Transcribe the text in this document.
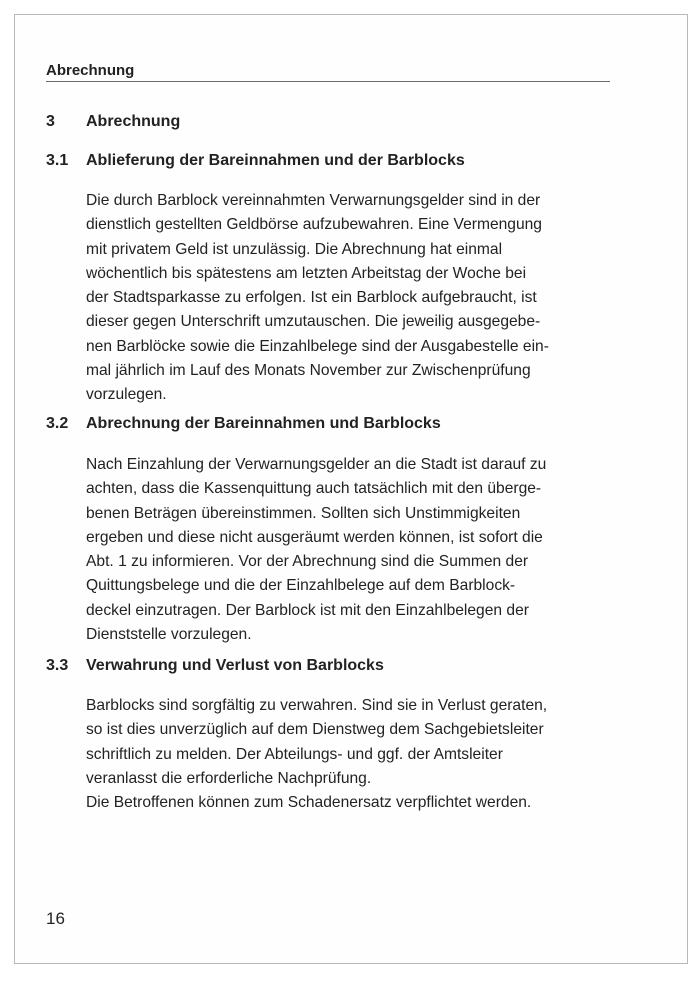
Abrechnung
3 Abrechnung
3.1 Ablieferung der Bareinnahmen und der Barblocks
Die durch Barblock vereinnahmten Verwarnungsgelder sind in der
dienstlich gestellten Geldbörse aufzubewahren. Eine Vermengung
mit privatem Geld ist unzulässig. Die Abrechnung hat einmal
wöchentlich bis spätestens am letzten Arbeitstag der Woche bei
der Stadtsparkasse zu erfolgen. Ist ein Barblock aufgebraucht, ist
dieser gegen Unterschrift umzutauschen. Die jeweilig ausgegebe-
nen Barblöcke sowie die Einzahlbelege sind der Ausgabestelle ein-
mal jährlich im Lauf des Monats November zur Zwischenprüfung
vorzulegen.
3.2 Abrechnung der Bareinnahmen und Barblocks
Nach Einzahlung der Verwarnungsgelder an die Stadt ist darauf zu
achten, dass die Kassenquittung auch tatsächlich mit den überge-
benen Beträgen übereinstimmen. Sollten sich Unstimmigkeiten
ergeben und diese nicht ausgeräumt werden können, ist sofort die
Abt. 1 zu informieren. Vor der Abrechnung sind die Summen der
Quittungsbelege und die der Einzahlbelege auf dem Barblock-
deckel einzutragen. Der Barblock ist mit den Einzahlbelegen der
Dienststelle vorzulegen.
3.3 Verwahrung und Verlust von Barblocks
Barblocks sind sorgfältig zu verwahren. Sind sie in Verlust geraten,
so ist dies unverzüglich auf dem Dienstweg dem Sachgebietsleiter
schriftlich zu melden. Der Abteilungs- und ggf. der Amtsleiter
veranlasst die erforderliche Nachprüfung.
Die Betroffenen können zum Schadenersatz verpflichtet werden.
16
